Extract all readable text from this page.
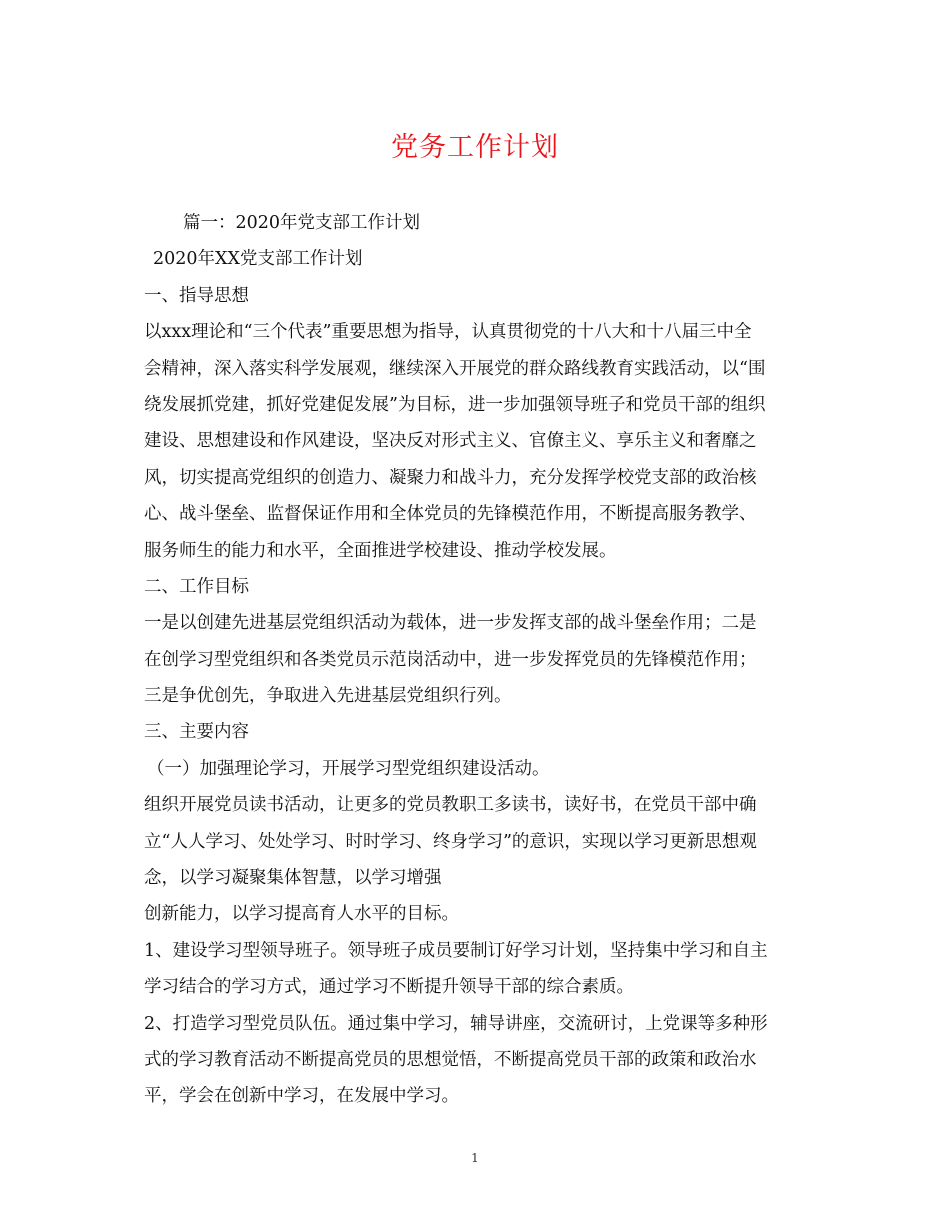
党务工作计划
篇一：2020年党支部工作计划
2020年XX党支部工作计划
一、指导思想
以xxx理论和“三个代表”重要思想为指导，认真贯彻党的十八大和十八届三中全
会精神，深入落实科学发展观，继续深入开展党的群众路线教育实践活动，以“围
绕发展抓党建，抓好党建促发展”为目标，进一步加强领导班子和党员干部的组织
建设、思想建设和作风建设，坚决反对形式主义、官僚主义、享乐主义和奢靡之
风，切实提高党组织的创造力、凝聚力和战斗力，充分发挥学校党支部的政治核
心、战斗堡垒、监督保证作用和全体党员的先锋模范作用，不断提高服务教学、
服务师生的能力和水平，全面推进学校建设、推动学校发展。
二、工作目标
一是以创建先进基层党组织活动为载体，进一步发挥支部的战斗堡垒作用；二是
在创学习型党组织和各类党员示范岗活动中，进一步发挥党员的先锋模范作用；
三是争优创先，争取进入先进基层党组织行列。
三、主要内容
（一）加强理论学习，开展学习型党组织建设活动。
组织开展党员读书活动，让更多的党员教职工多读书，读好书，在党员干部中确
立“人人学习、处处学习、时时学习、终身学习”的意识，实现以学习更新思想观
念，以学习凝聚集体智慧，以学习增强
创新能力，以学习提高育人水平的目标。
1、建设学习型领导班子。领导班子成员要制订好学习计划，坚持集中学习和自主
学习结合的学习方式，通过学习不断提升领导干部的综合素质。
2、打造学习型党员队伍。通过集中学习，辅导讲座，交流研讨，上党课等多种形
式的学习教育活动不断提高党员的思想觉悟，不断提高党员干部的政策和政治水
平，学会在创新中学习，在发展中学习。
1
